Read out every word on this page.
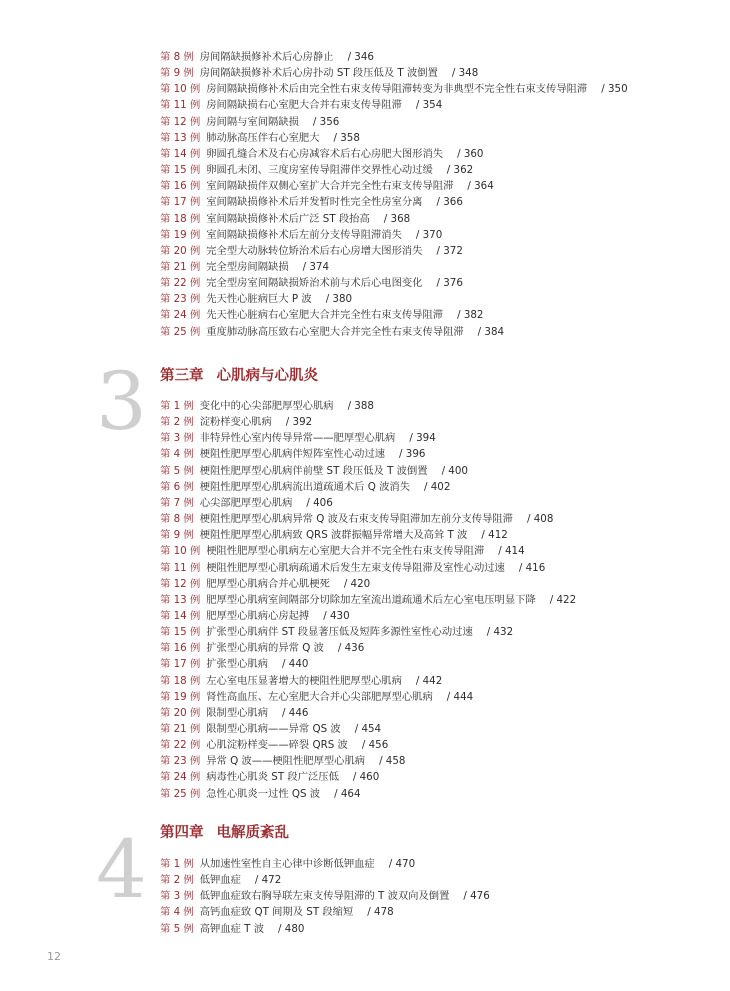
第 8 例 房间隔缺损修补术后心房静止 / 346
第 9 例 房间隔缺损修补术后心房扑动 ST 段压低及 T 波倒置 / 348
第 10 例 房间隔缺损修补术后由完全性右束支传导阻滞转变为非典型不完全性右束支传导阻滞 / 350
第 11 例 房间隔缺损右心室肥大合并右束支传导阻滞 / 354
第 12 例 房间隔与室间隔缺损 / 356
第 13 例 肺动脉高压伴右心室肥大 / 358
第 14 例 卵圆孔缝合术及右心房减容术后右心房肥大图形消失 / 360
第 15 例 卵圆孔未闭、三度房室传导阻滞伴交界性心动过缓 / 362
第 16 例 室间隔缺损伴双侧心室扩大合并完全性右束支传导阻滞 / 364
第 17 例 室间隔缺损修补术后并发暂时性完全性房室分离 / 366
第 18 例 室间隔缺损修补术后广泛 ST 段抬高 / 368
第 19 例 室间隔缺损修补术后左前分支传导阻滞消失 / 370
第 20 例 完全型大动脉转位矫治术后右心房增大图形消失 / 372
第 21 例 完全型房间隔缺损 / 374
第 22 例 完全型房室间隔缺损矫治术前与术后心电图变化 / 376
第 23 例 先天性心脏病巨大 P 波 / 380
第 24 例 先天性心脏病右心室肥大合并完全性右束支传导阻滞 / 382
第 25 例 重度肺动脉高压致右心室肥大合并完全性右束支传导阻滞 / 384
3 第三章 心肌病与心肌炎
第 1 例 变化中的心尖部肥厚型心肌病 / 388
第 2 例 淀粉样变心肌病 / 392
第 3 例 非特异性心室内传导异常——肥厚型心肌病 / 394
第 4 例 梗阻性肥厚型心肌病伴短阵室性心动过速 / 396
第 5 例 梗阻性肥厚型心肌病伴前壁 ST 段压低及 T 波倒置 / 400
第 6 例 梗阻性肥厚型心肌病流出道疏通术后 Q 波消失 / 402
第 7 例 心尖部肥厚型心肌病 / 406
第 8 例 梗阻性肥厚型心肌病异常 Q 波及右束支传导阻滞加左前分支传导阻滞 / 408
第 9 例 梗阻性肥厚型心肌病致 QRS 波群振幅异常增大及高耸 T 波 / 412
第 10 例 梗阻性肥厚型心肌病左心室肥大合并不完全性右束支传导阻滞 / 414
第 11 例 梗阻性肥厚型心肌病疏通术后发生左束支传导阻滞及室性心动过速 / 416
第 12 例 肥厚型心肌病合并心肌梗死 / 420
第 13 例 肥厚型心肌病室间隔部分切除加左室流出道疏通术后左心室电压明显下降 / 422
第 14 例 肥厚型心肌病心房起搏 / 430
第 15 例 扩张型心肌病伴 ST 段显著压低及短阵多源性室性心动过速 / 432
第 16 例 扩张型心肌病的异常 Q 波 / 436
第 17 例 扩张型心肌病 / 440
第 18 例 左心室电压显著增大的梗阻性肥厚型心肌病 / 442
第 19 例 肾性高血压、左心室肥大合并心尖部肥厚型心肌病 / 444
第 20 例 限制型心肌病 / 446
第 21 例 限制型心肌病——异常 QS 波 / 454
第 22 例 心肌淀粉样变——碎裂 QRS 波 / 456
第 23 例 异常 Q 波——梗阻性肥厚型心肌病 / 458
第 24 例 病毒性心肌炎 ST 段广泛压低 / 460
第 25 例 急性心肌炎一过性 QS 波 / 464
4 第四章 电解质紊乱
第 1 例 从加速性室性自主心律中诊断低钾血症 / 470
第 2 例 低钾血症 / 472
第 3 例 低钾血症致右胸导联左束支传导阻滞的 T 波双向及倒置 / 476
第 4 例 高钙血症致 QT 间期及 ST 段缩短 / 478
第 5 例 高钾血症 T 波 / 480
12
